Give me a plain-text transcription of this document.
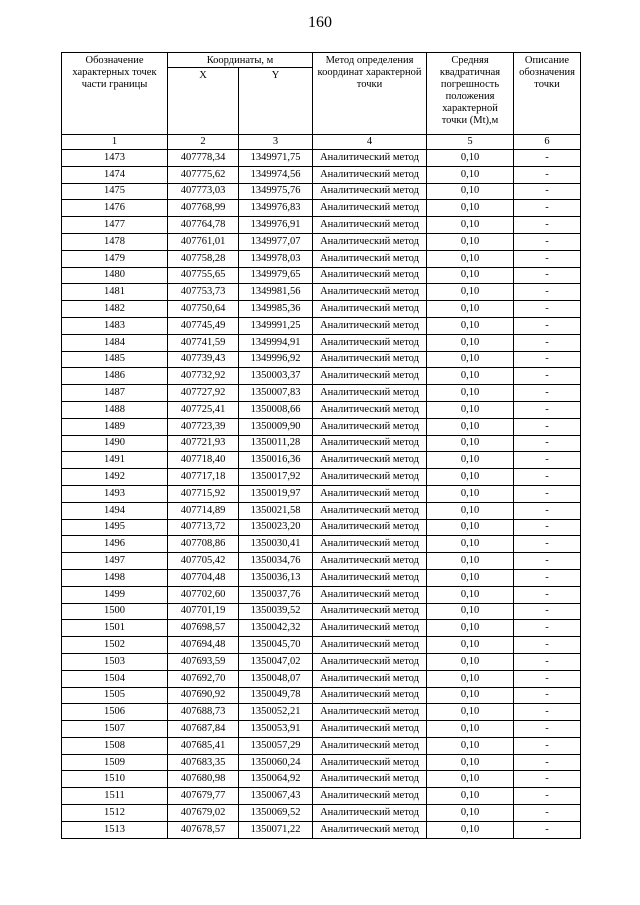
160
Обозначение характерных точек части границы	Координаты, м		Метод определения координат характерной точки	Средняя квадратичная погрешность положения характерной точки (Mt),м	Описание обозначения точки
	X	Y			
1	2	3	4	5	6
1473	407778,34	1349971,75	Аналитический метод	0,10	-
1474	407775,62	1349974,56	Аналитический метод	0,10	-
1475	407773,03	1349975,76	Аналитический метод	0,10	-
1476	407768,99	1349976,83	Аналитический метод	0,10	-
1477	407764,78	1349976,91	Аналитический метод	0,10	-
1478	407761,01	1349977,07	Аналитический метод	0,10	-
1479	407758,28	1349978,03	Аналитический метод	0,10	-
1480	407755,65	1349979,65	Аналитический метод	0,10	-
1481	407753,73	1349981,56	Аналитический метод	0,10	-
1482	407750,64	1349985,36	Аналитический метод	0,10	-
1483	407745,49	1349991,25	Аналитический метод	0,10	-
1484	407741,59	1349994,91	Аналитический метод	0,10	-
1485	407739,43	1349996,92	Аналитический метод	0,10	-
1486	407732,92	1350003,37	Аналитический метод	0,10	-
1487	407727,92	1350007,83	Аналитический метод	0,10	-
1488	407725,41	1350008,66	Аналитический метод	0,10	-
1489	407723,39	1350009,90	Аналитический метод	0,10	-
1490	407721,93	1350011,28	Аналитический метод	0,10	-
1491	407718,40	1350016,36	Аналитический метод	0,10	-
1492	407717,18	1350017,92	Аналитический метод	0,10	-
1493	407715,92	1350019,97	Аналитический метод	0,10	-
1494	407714,89	1350021,58	Аналитический метод	0,10	-
1495	407713,72	1350023,20	Аналитический метод	0,10	-
1496	407708,86	1350030,41	Аналитический метод	0,10	-
1497	407705,42	1350034,76	Аналитический метод	0,10	-
1498	407704,48	1350036,13	Аналитический метод	0,10	-
1499	407702,60	1350037,76	Аналитический метод	0,10	-
1500	407701,19	1350039,52	Аналитический метод	0,10	-
1501	407698,57	1350042,32	Аналитический метод	0,10	-
1502	407694,48	1350045,70	Аналитический метод	0,10	-
1503	407693,59	1350047,02	Аналитический метод	0,10	-
1504	407692,70	1350048,07	Аналитический метод	0,10	-
1505	407690,92	1350049,78	Аналитический метод	0,10	-
1506	407688,73	1350052,21	Аналитический метод	0,10	-
1507	407687,84	1350053,91	Аналитический метод	0,10	-
1508	407685,41	1350057,29	Аналитический метод	0,10	-
1509	407683,35	1350060,24	Аналитический метод	0,10	-
1510	407680,98	1350064,92	Аналитический метод	0,10	-
1511	407679,77	1350067,43	Аналитический метод	0,10	-
1512	407679,02	1350069,52	Аналитический метод	0,10	-
1513	407678,57	1350071,22	Аналитический метод	0,10	-
